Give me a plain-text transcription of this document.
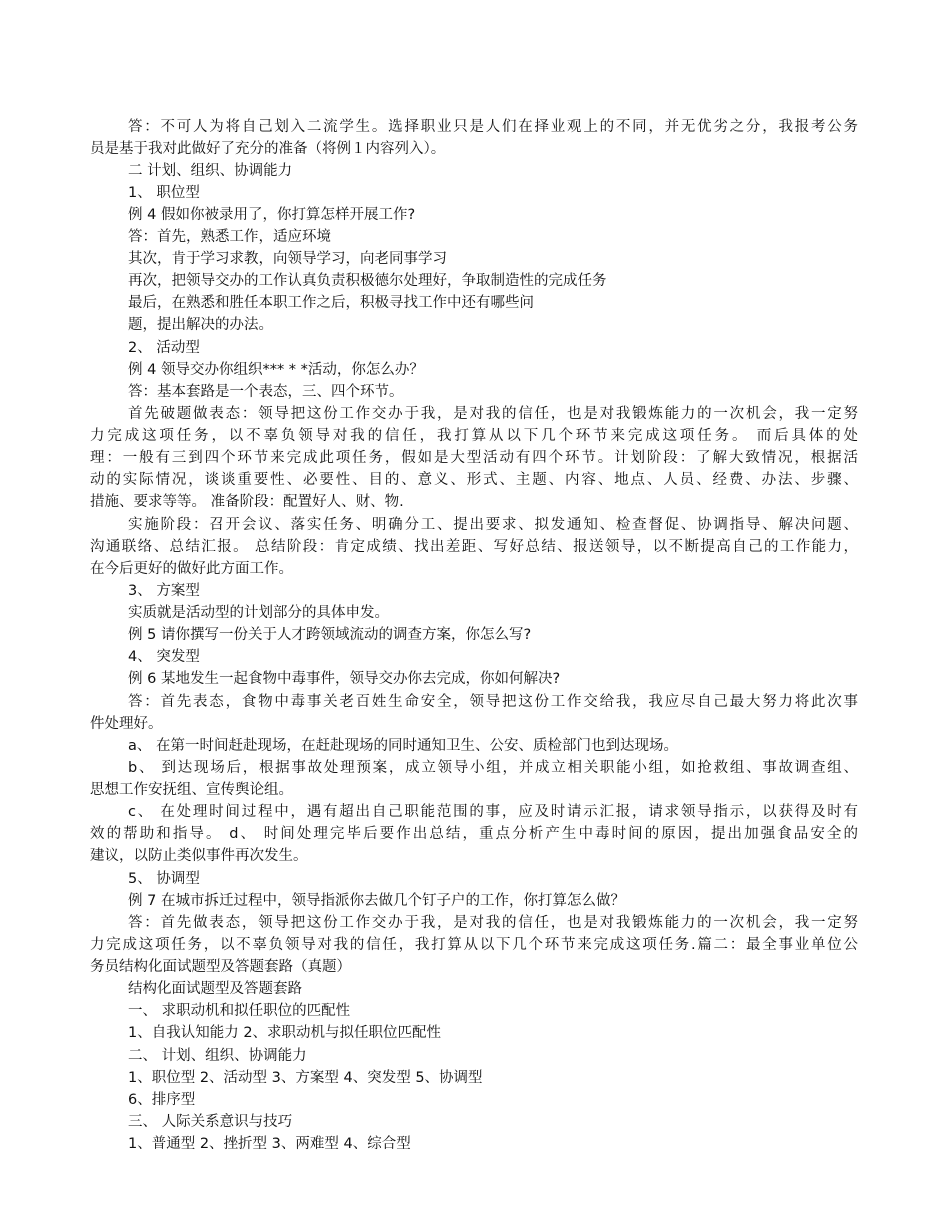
答：不可人为将自己划入二流学生。选择职业只是人们在择业观上的不同，并无优劣之分，我报考公务
员是基于我对此做好了充分的准备（将例１内容列入）。
二 计划、组织、协调能力
1、 职位型
例 4 假如你被录用了，你打算怎样开展工作?
答：首先，熟悉工作，适应环境
其次，肯于学习求教，向领导学习，向老同事学习
再次，把领导交办的工作认真负责积极德尔处理好，争取制造性的完成任务
最后，在熟悉和胜任本职工作之后，积极寻找工作中还有哪些问
题，提出解决的办法。
2、 活动型
例 4 领导交办你组织*** * *活动，你怎么办？
答：基本套路是一个表态，三、四个环节。
首先破题做表态：领导把这份工作交办于我，是对我的信任，也是对我锻炼能力的一次机会，我一定努
力完成这项任务，以不辜负领导对我的信任，我打算从以下几个环节来完成这项任务。 而后具体的处
理：一般有三到四个环节来完成此项任务，假如是大型活动有四个环节。计划阶段：了解大致情况，根据活
动的实际情况，谈谈重要性、必要性、目的、意义、形式、主题、内容、地点、人员、经费、办法、步骤、
措施、要求等等。 准备阶段：配置好人、财、物.
实施阶段：召开会议、落实任务、明确分工、提出要求、拟发通知、检查督促、协调指导、解决问题、
沟通联络、总结汇报。 总结阶段：肯定成绩、找出差距、写好总结、报送领导，以不断提高自己的工作能力，
在今后更好的做好此方面工作。
3、 方案型
实质就是活动型的计划部分的具体申发。
例 5 请你撰写一份关于人才跨领域流动的调查方案，你怎么写?
4、 突发型
例 6 某地发生一起食物中毒事件，领导交办你去完成，你如何解决?
答：首先表态，食物中毒事关老百姓生命安全，领导把这份工作交给我，我应尽自己最大努力将此次事
件处理好。
a、 在第一时间赶赴现场，在赶赴现场的同时通知卫生、公安、质检部门也到达现场。
b、 到达现场后，根据事故处理预案，成立领导小组，并成立相关职能小组，如抢救组、事故调查组、
思想工作安抚组、宣传舆论组。
c、 在处理时间过程中，遇有超出自己职能范围的事，应及时请示汇报，请求领导指示，以获得及时有
效的帮助和指导。 d、 时间处理完毕后要作出总结，重点分析产生中毒时间的原因，提出加强食品安全的
建议，以防止类似事件再次发生。
5、 协调型
例 7 在城市拆迁过程中，领导指派你去做几个钉子户的工作，你打算怎么做？
答：首先做表态，领导把这份工作交办于我，是对我的信任，也是对我锻炼能力的一次机会，我一定努
力完成这项任务，以不辜负领导对我的信任，我打算从以下几个环节来完成这项任务.篇二：最全事业单位公
务员结构化面试题型及答题套路（真题）
结构化面试题型及答题套路
一、 求职动机和拟任职位的匹配性
1、自我认知能力 2、求职动机与拟任职位匹配性
二、 计划、组织、协调能力
1、职位型 2、活动型 3、方案型 4、突发型 5、协调型
6、排序型
三、 人际关系意识与技巧
1、普通型 2、挫折型 3、两难型 4、综合型
